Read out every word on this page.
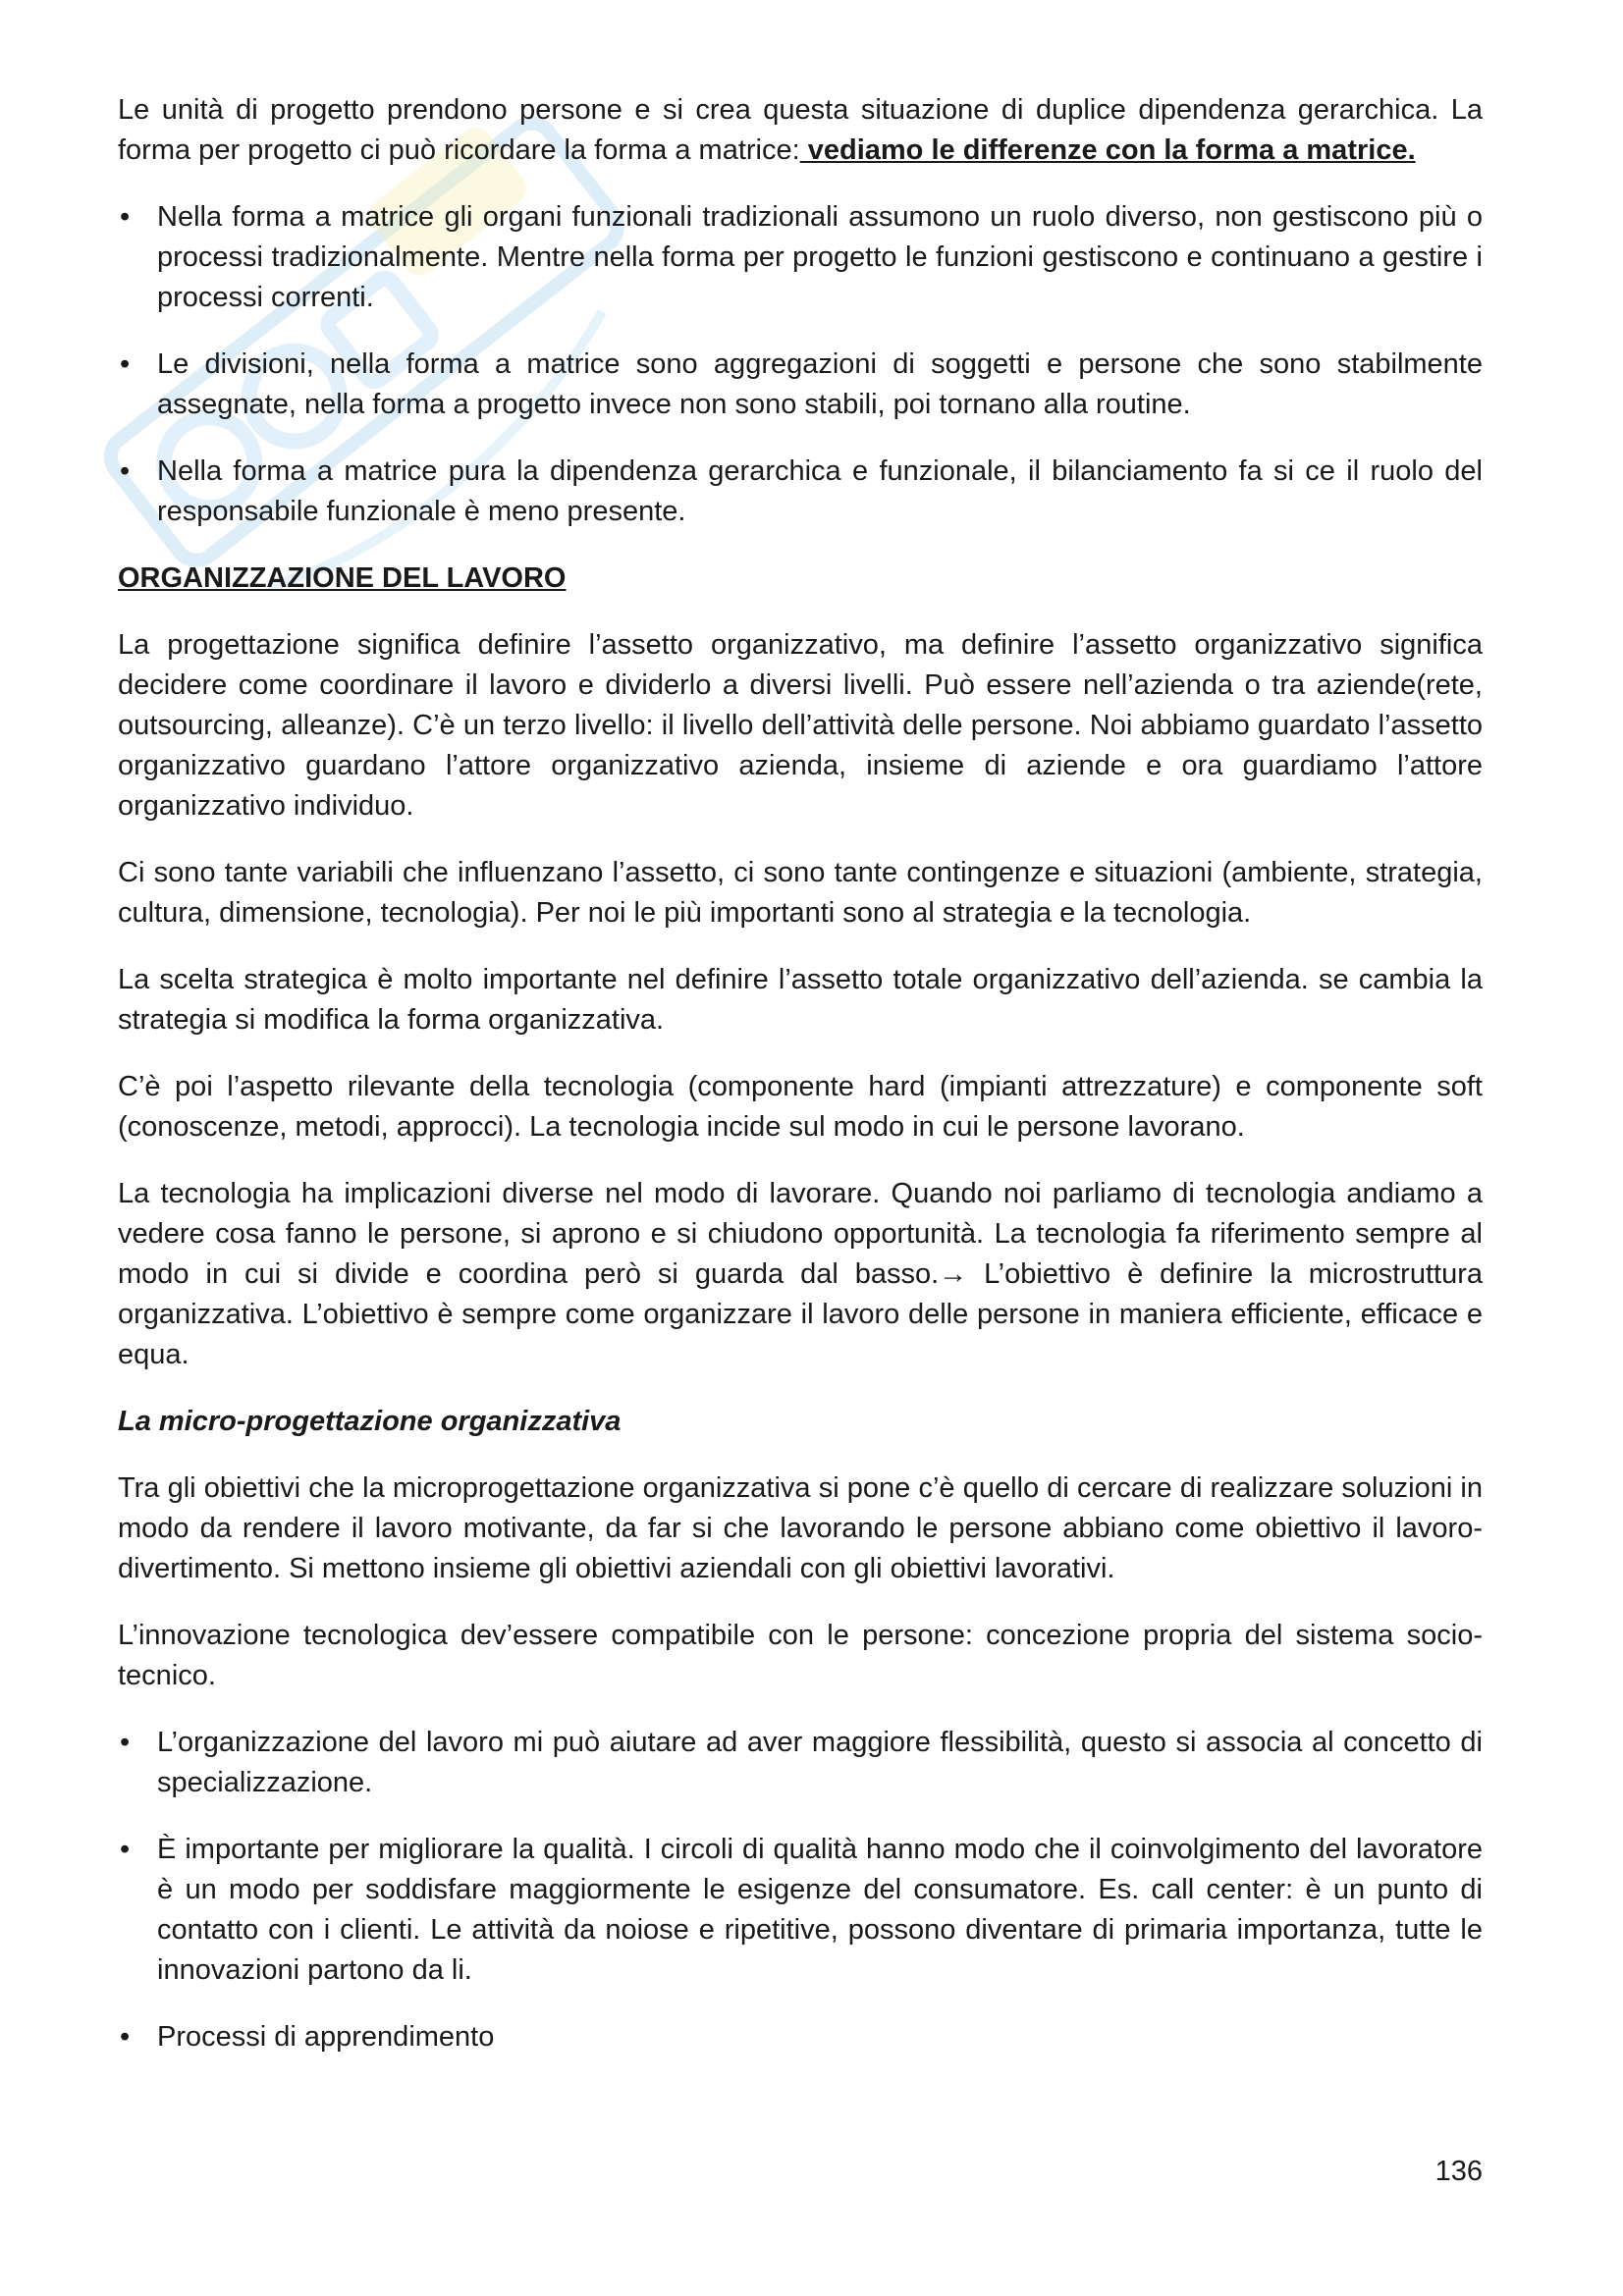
Le unità di progetto prendono persone e si crea questa situazione di duplice dipendenza gerarchica. La forma per progetto ci può ricordare la forma a matrice: vediamo le differenze con la forma a matrice.

• Nella forma a matrice gli organi funzionali tradizionali assumono un ruolo diverso, non gestiscono più o processi tradizionalmente. Mentre nella forma per progetto le funzioni gestiscono e continuano a gestire i processi correnti.
• Le divisioni, nella forma a matrice sono aggregazioni di soggetti e persone che sono stabilmente assegnate, nella forma a progetto invece non sono stabili, poi tornano alla routine.
• Nella forma a matrice pura la dipendenza gerarchica e funzionale, il bilanciamento fa si ce il ruolo del responsabile funzionale è meno presente.
ORGANIZZAZIONE DEL LAVORO

La progettazione significa definire l’assetto organizzativo, ma definire l’assetto organizzativo significa decidere come coordinare il lavoro e dividerlo a diversi livelli. Può essere nell’azienda o tra aziende(rete, outsourcing, alleanze). C’è un terzo livello: il livello dell’attività delle persone. Noi abbiamo guardato l’assetto organizzativo guardano l’attore organizzativo azienda, insieme di aziende e ora guardiamo l’attore organizzativo individuo.

Ci sono tante variabili che influenzano l’assetto, ci sono tante contingenze e situazioni (ambiente, strategia, cultura, dimensione, tecnologia). Per noi le più importanti sono al strategia e la tecnologia.

La scelta strategica è molto importante nel definire l’assetto totale organizzativo dell’azienda. se cambia la strategia si modifica la forma organizzativa.

C’è poi l’aspetto rilevante della tecnologia (componente hard (impianti attrezzature) e componente soft (conoscenze, metodi, approcci). La tecnologia incide sul modo in cui le persone lavorano.

La tecnologia ha implicazioni diverse nel modo di lavorare. Quando noi parliamo di tecnologia andiamo a vedere cosa fanno le persone, si aprono e si chiudono opportunità. La tecnologia fa riferimento sempre al modo in cui si divide e coordina però si guarda dal basso.→ L’obiettivo è definire la microstruttura organizzativa. L’obiettivo è sempre come organizzare il lavoro delle persone in maniera efficiente, efficace e equa.

La micro-progettazione organizzativa

Tra gli obiettivi che la microprogettazione organizzativa si pone c’è quello di cercare di realizzare soluzioni in modo da rendere il lavoro motivante, da far si che lavorando le persone abbiano come obiettivo il lavoro- divertimento. Si mettono insieme gli obiettivi aziendali con gli obiettivi lavorativi.

L’innovazione tecnologica dev’essere compatibile con le persone: concezione propria del sistema socio- tecnico.

• L’organizzazione del lavoro mi può aiutare ad aver maggiore flessibilità, questo si associa al concetto di specializzazione.
• È importante per migliorare la qualità. I circoli di qualità hanno modo che il coinvolgimento del lavoratore è un modo per soddisfare maggiormente le esigenze del consumatore. Es. call center: è un punto di contatto con i clienti. Le attività da noiose e ripetitive, possono diventare di primaria importanza, tutte le innovazioni partono da li.
• Processi di apprendimento
136
